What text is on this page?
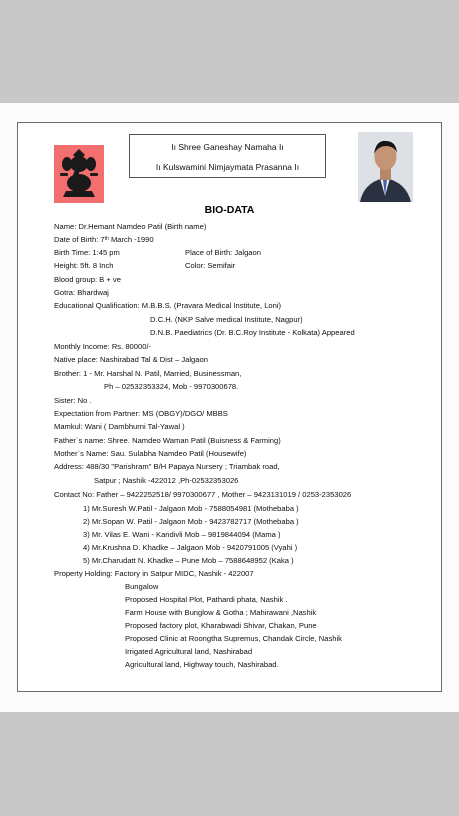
Iı Shree Ganeshay Namaha Iı
Iı Kulswamini Nimjaymata Prasanna Iı
BIO-DATA
Name: Dr.Hemant Namdeo Patil (Birth name)
Date of Birth: 7th March -1990
Birth Time: 1:45 pm	Place of Birth: Jalgaon
Height: 5ft. 8 Inch	Color: Semifair
Blood group: B + ve
Gotra: Bhardwaj
Educational Qualification: M.B.B.S. (Pravara Medical Institute, Loni)
D.C.H. (NKP Salve medical Institute, Nagpur)
D.N.B. Paediatrics (Dr. B.C.Roy Institute - Kolkata) Appeared
Monthly Income: Rs. 80000/-
Native place: Nashirabad Tal & Dist – Jalgaon
Brother: 1 - Mr. Harshal N. Patil, Married, Businessman,
Ph – 02532353324, Mob - 9970300678.
Sister: No .
Expectation from Partner: MS (OBGY)/DGO/ MBBS
Mamkul: Wani ( Dambhurni Tal-Yawal )
Father`s name: Shree. Namdeo Waman Patil (Buisness & Farming)
Mother`s Name: Sau. Sulabha Namdeo Patil (Housewife)
Address: 488/30 "Parishram" B/H Papaya Nursery ; Triambak road,
Satpur ; Nashik -422012 ,Ph-02532353026
Contact No: Father – 9422252518/ 9970300677 , Mother – 9423131019 / 0253-2353026
1) Mr.Suresh W.Patil - Jalgaon Mob - 7588054981 (Mothebaba )
2) Mr.Sopan W. Patil - Jalgaon Mob - 9423782717 (Mothebaba )
3) Mr. Vilas E. Wani - Kandivli Mob – 9819844094 (Mama )
4) Mr.Krushna D. Khadke – Jalgaon Mob - 9420791005 (Vyahi )
5) Mr.Charudatt N. Khadke – Pune Mob – 7588648952 (Kaka )
Property Holding: Factory in Satpur MIDC, Nashik - 422007
Bungalow
Proposed Hospital Plot, Pathardi phata, Nashik .
Farm House with Bunglow & Gotha ; Mahirawani ,Nashik
Proposed factory plot, Kharabwadi Shivar, Chakan, Pune
Proposed Clinic at Roongtha Supremus, Chandak Circle, Nashik
Irrigated Agricultural land, Nashirabad
Agricultural land, Highway touch, Nashirabad.
